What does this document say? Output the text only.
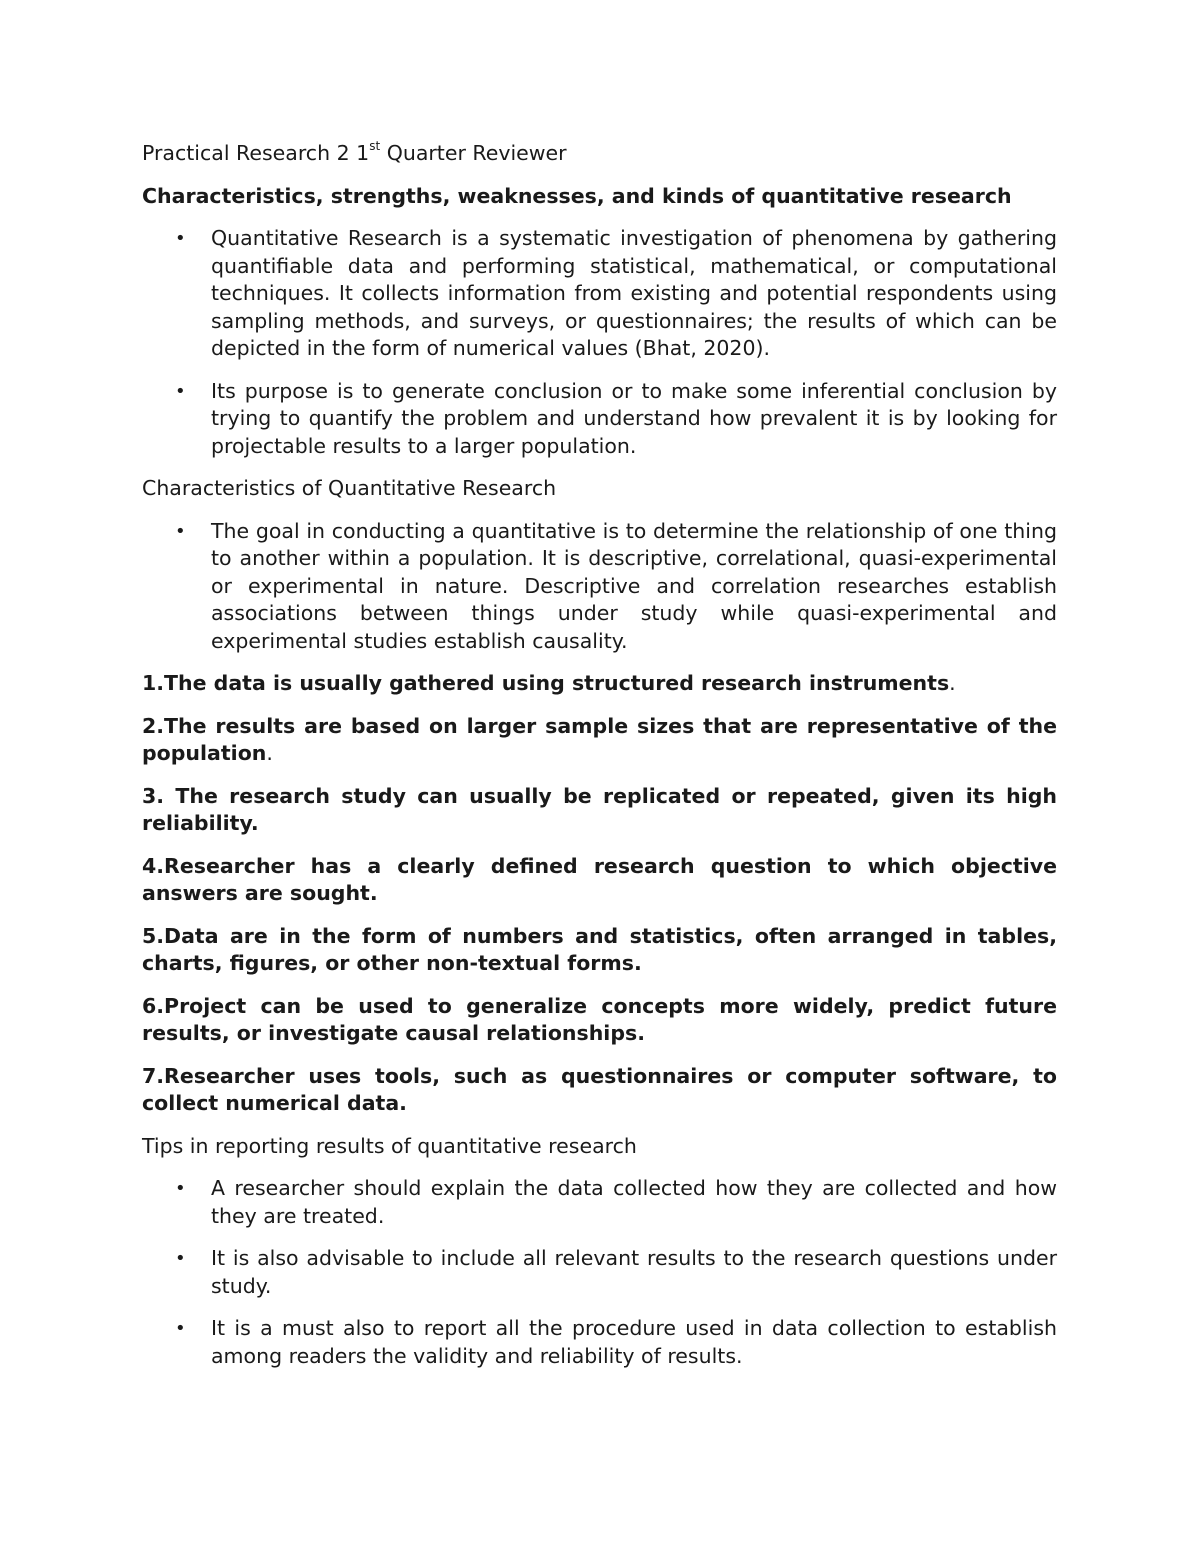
Practical Research 2 1st Quarter Reviewer

Characteristics, strengths, weaknesses, and kinds of quantitative research

• Quantitative Research is a systematic investigation of phenomena by gathering quantifiable data and performing statistical, mathematical, or computational techniques. It collects information from existing and potential respondents using sampling methods, and surveys, or questionnaires; the results of which can be depicted in the form of numerical values (Bhat, 2020).
• Its purpose is to generate conclusion or to make some inferential conclusion by trying to quantify the problem and understand how prevalent it is by looking for projectable results to a larger population.

Characteristics of Quantitative Research

• The goal in conducting a quantitative is to determine the relationship of one thing to another within a population. It is descriptive, correlational, quasi-experimental or experimental in nature. Descriptive and correlation researches establish associations between things under study while quasi-experimental and experimental studies establish causality.
1.The data is usually gathered using structured research instruments.
2.The results are based on larger sample sizes that are representative of the population.
3. The research study can usually be replicated or repeated, given its high reliability.
4.Researcher has a clearly defined research question to which objective answers are sought.
5.Data are in the form of numbers and statistics, often arranged in tables, charts, figures, or other non-textual forms.
6.Project can be used to generalize concepts more widely, predict future results, or investigate causal relationships.
7.Researcher uses tools, such as questionnaires or computer software, to collect numerical data.

Tips in reporting results of quantitative research

• A researcher should explain the data collected how they are collected and how they are treated.
• It is also advisable to include all relevant results to the research questions under study.
• It is a must also to report all the procedure used in data collection to establish among readers the validity and reliability of results.
